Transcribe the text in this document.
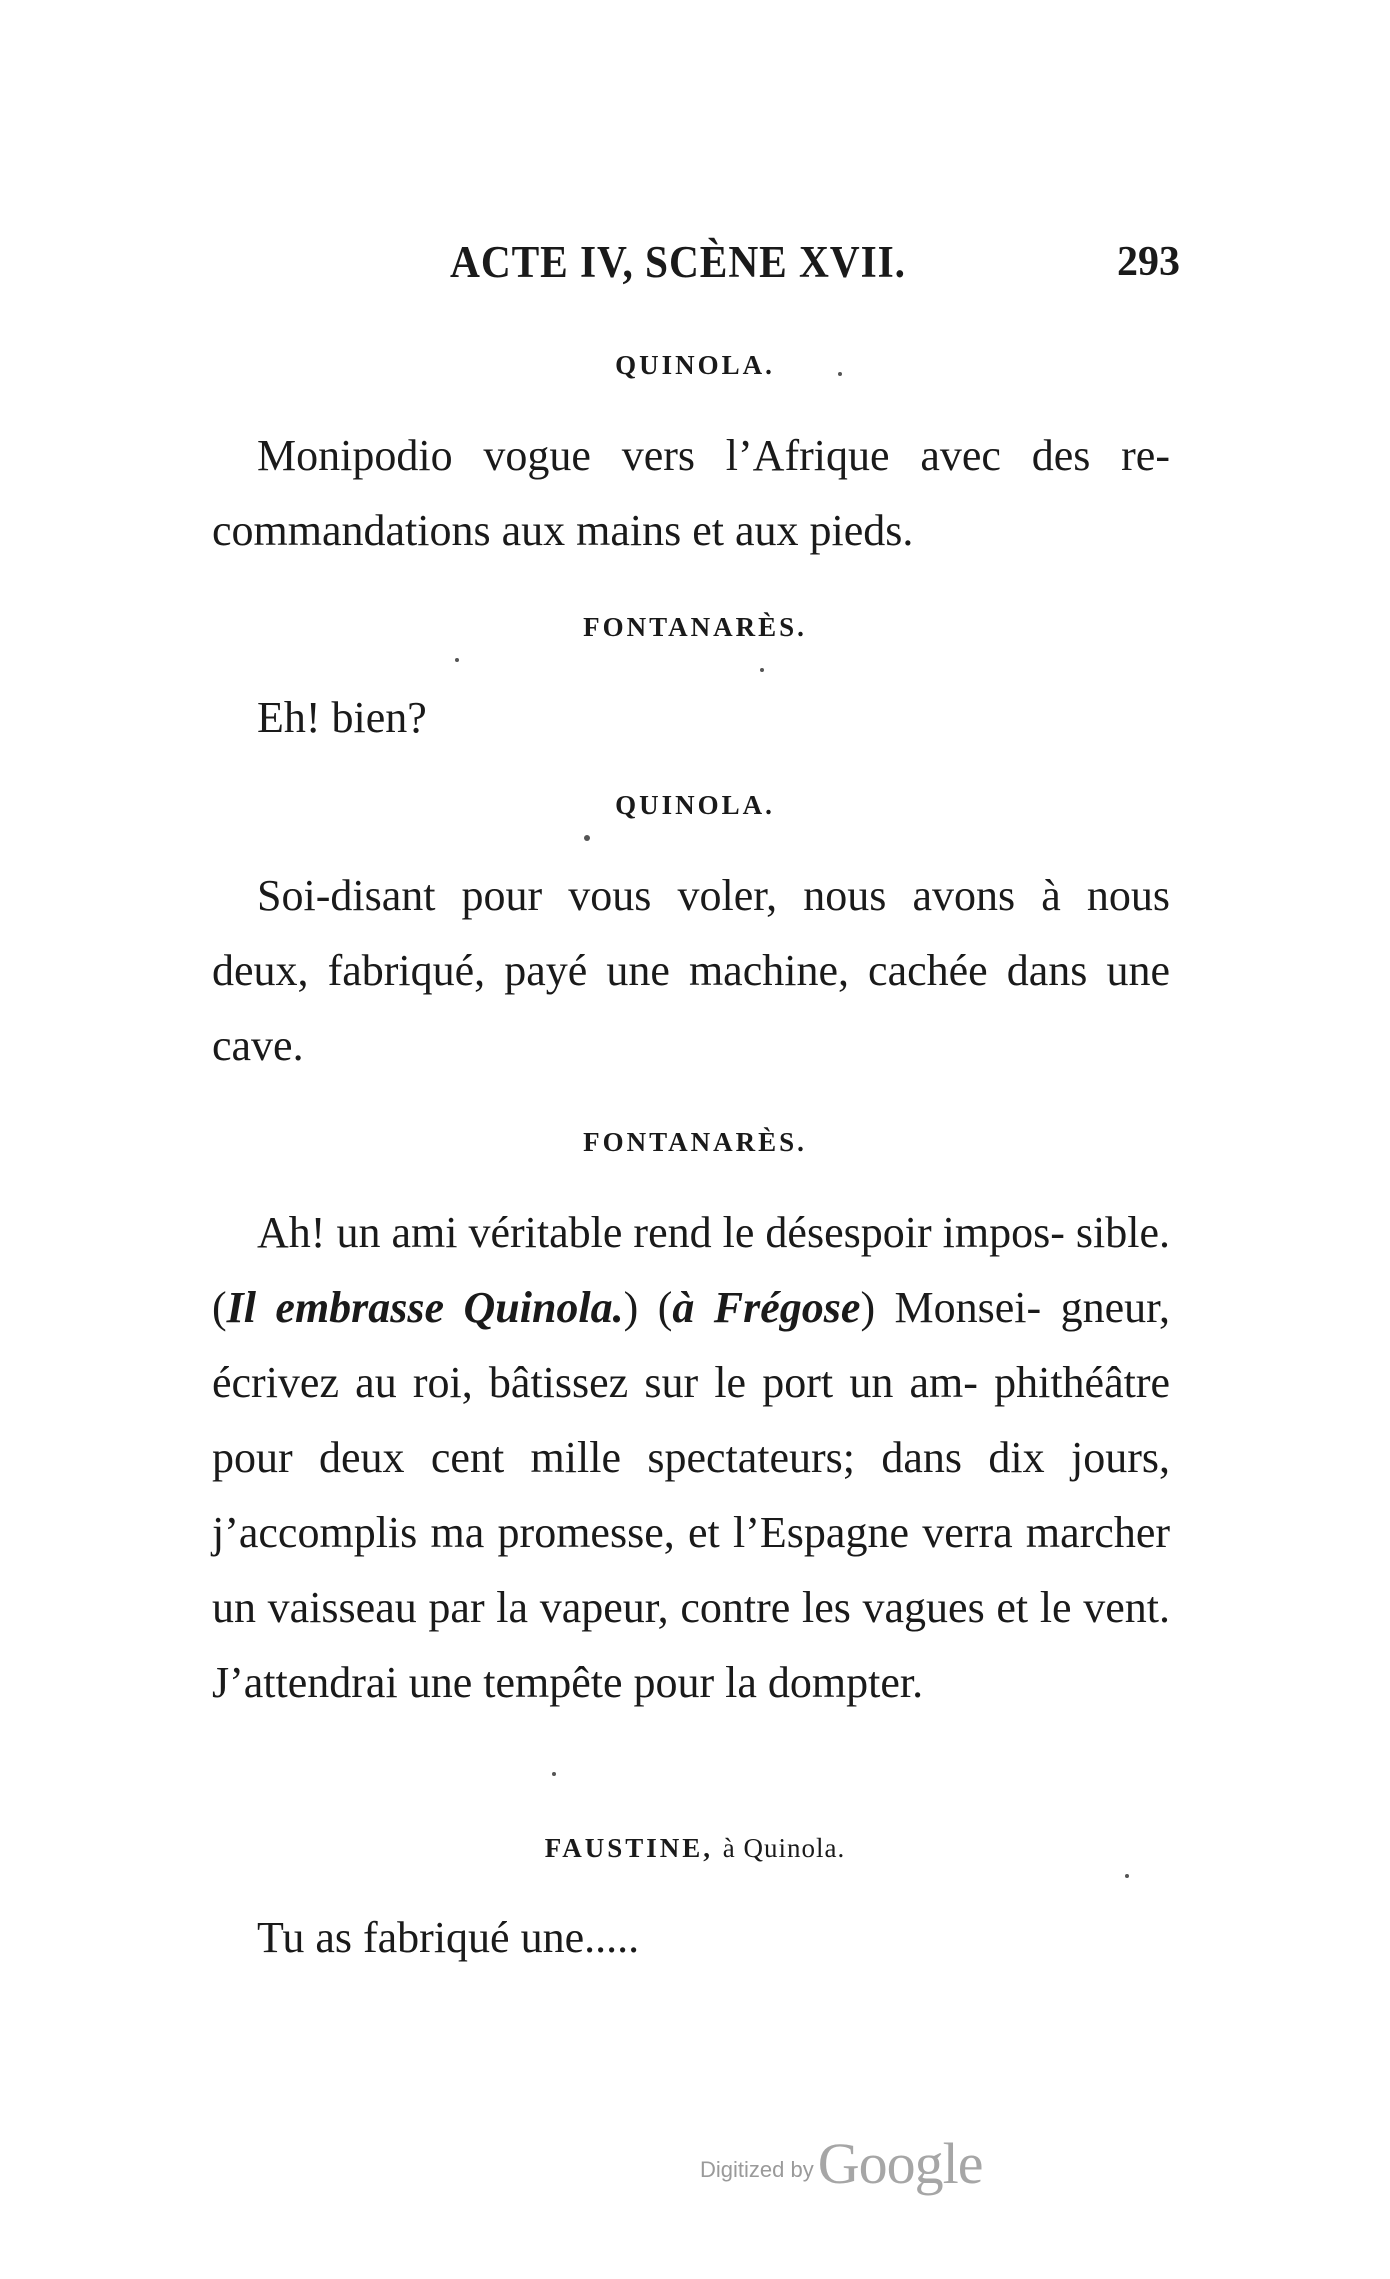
ACTE IV, SCÈNE XVII.	293
QUINOLA.

Monipodio vogue vers l’Afrique avec des re- commandations aux mains et aux pieds.

FONTANARÈS.

Eh! bien?

QUINOLA.

Soi-disant pour vous voler, nous avons à nous deux, fabriqué, payé une machine, cachée dans une cave.

FONTANARÈS.

Ah! un ami véritable rend le désespoir impos- sible. (Il embrasse Quinola.) (à Frégose) Monsei- gneur, écrivez au roi, bâtissez sur le port un am- phithéâtre pour deux cent mille spectateurs; dans dix jours, j’accomplis ma promesse, et l’Espagne verra marcher un vaisseau par la vapeur, contre les vagues et le vent. J’attendrai une tempête pour la dompter.

FAUSTINE, à Quinola.

Tu as fabriqué une.....

Digitized by Google
